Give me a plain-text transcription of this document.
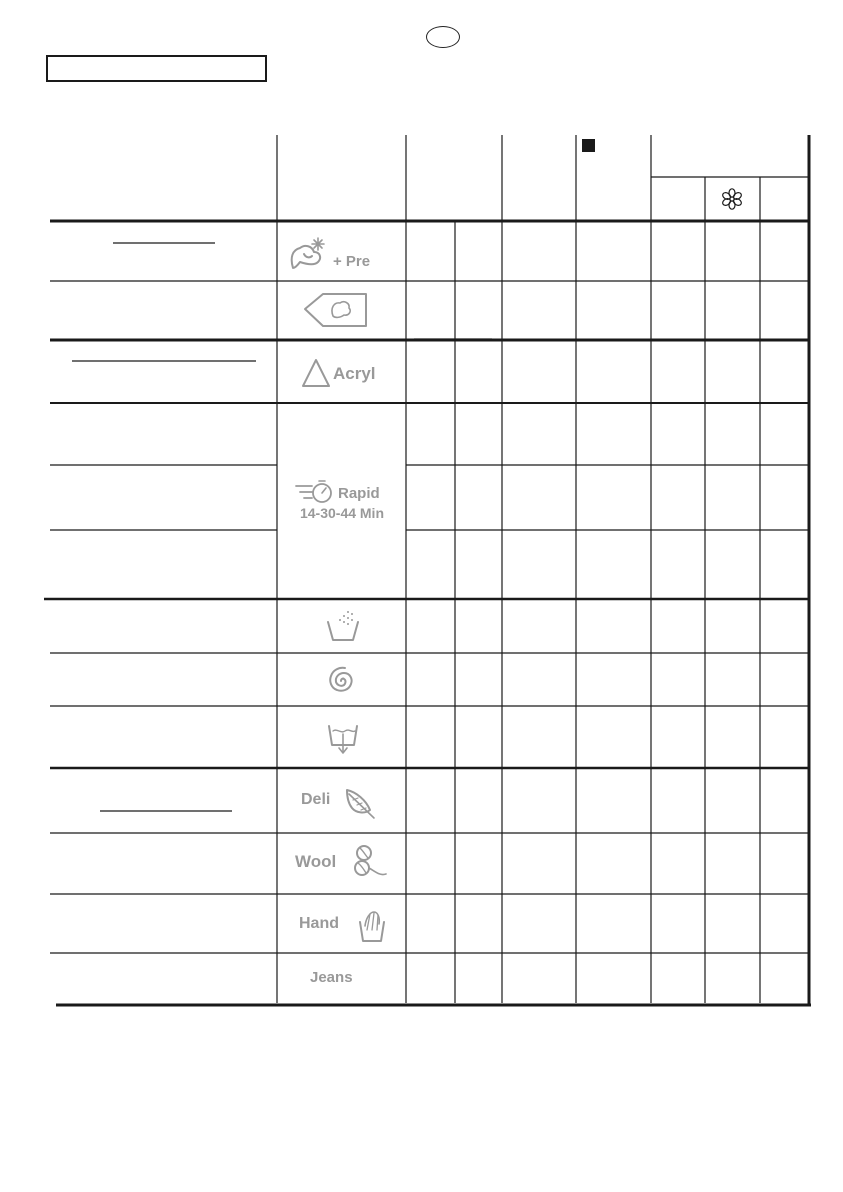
+ Pre
Acryl
Rapid
14-30-44 Min
Deli
Wool
Hand
Jeans
